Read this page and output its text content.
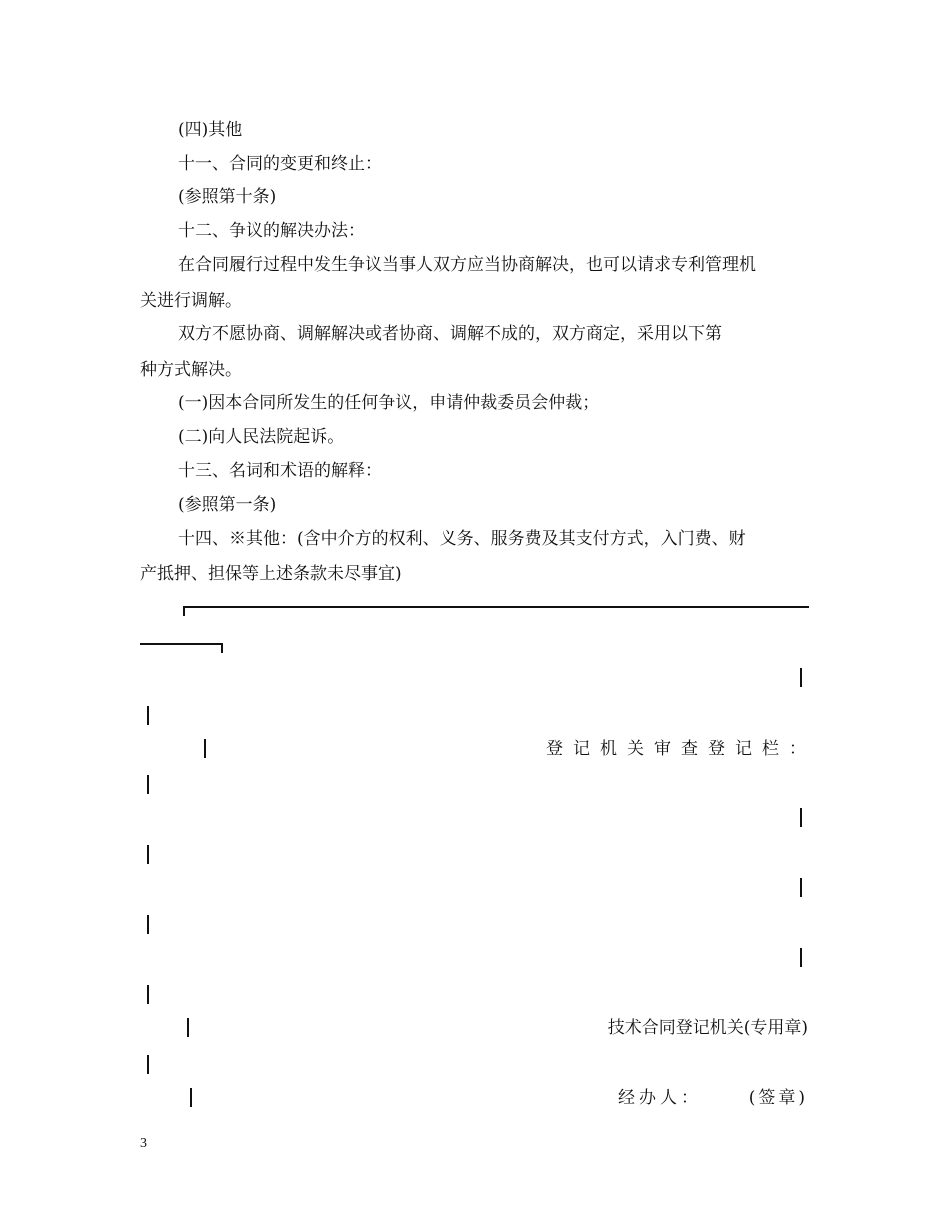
(四)其他
十一、合同的变更和终止：
(参照第十条)
十二、争议的解决办法：
在合同履行过程中发生争议当事人双方应当协商解决，也可以请求专利管理机
关进行调解。
双方不愿协商、调解解决或者协商、调解不成的，双方商定，采用以下第
种方式解决。
(一)因本合同所发生的任何争议，申请仲裁委员会仲裁；
(二)向人民法院起诉。
十三、名词和术语的解释：
(参照第一条)
十四、※其他：(含中介方的权利、义务、服务费及其支付方式，入门费、财
产抵押、担保等上述条款未尽事宜)
登记机关审查登记栏：
技术合同登记机关(专用章)
经办人：	(签章)
3
